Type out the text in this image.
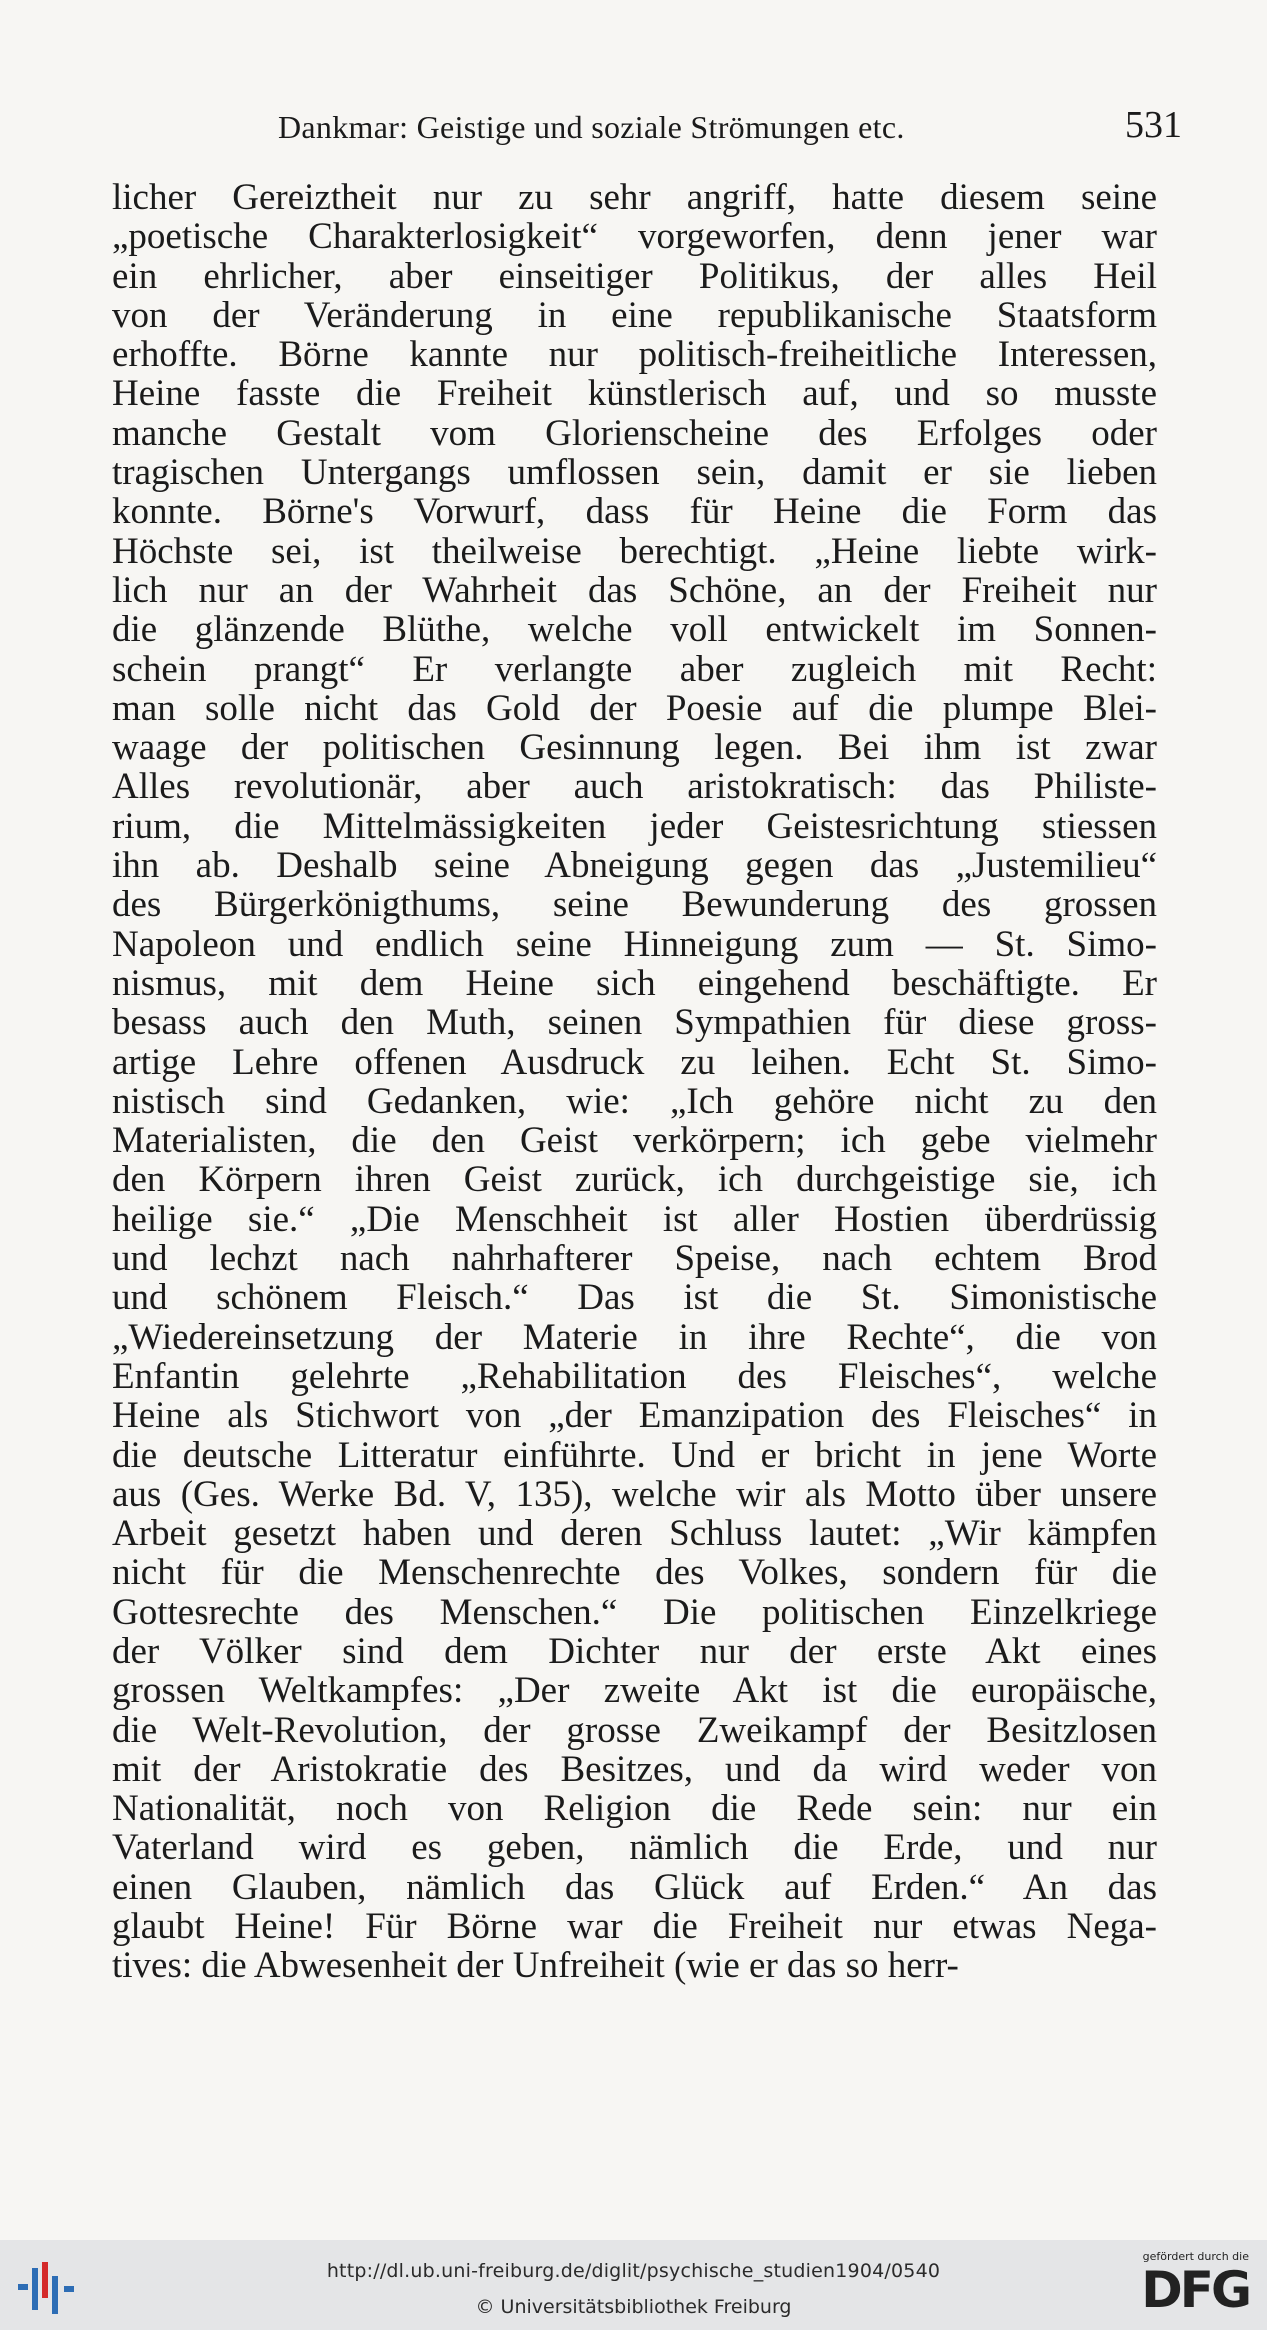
Dankmar: Geistige und soziale Strömungen etc.	531
licher Gereiztheit nur zu sehr angriff, hatte diesem seine
„poetische Charakterlosigkeit“ vorgeworfen, denn jener war
ein ehrlicher, aber einseitiger Politikus, der alles Heil
von der Veränderung in eine republikanische Staatsform
erhoffte. Börne kannte nur politisch-freiheitliche Interessen,
Heine fasste die Freiheit künstlerisch auf, und so musste
manche Gestalt vom Glorienscheine des Erfolges oder
tragischen Untergangs umflossen sein, damit er sie lieben
konnte. Börne's Vorwurf, dass für Heine die Form das
Höchste sei, ist theilweise berechtigt. „Heine liebte wirk-
lich nur an der Wahrheit das Schöne, an der Freiheit nur
die glänzende Blüthe, welche voll entwickelt im Sonnen-
schein prangt“ Er verlangte aber zugleich mit Recht:
man solle nicht das Gold der Poesie auf die plumpe Blei-
waage der politischen Gesinnung legen. Bei ihm ist zwar
Alles revolutionär, aber auch aristokratisch: das Philiste-
rium, die Mittelmässigkeiten jeder Geistesrichtung stiessen
ihn ab. Deshalb seine Abneigung gegen das „Justemilieu“
des Bürgerkönigthums, seine Bewunderung des grossen
Napoleon und endlich seine Hinneigung zum — St. Simo-
nismus, mit dem Heine sich eingehend beschäftigte. Er
besass auch den Muth, seinen Sympathien für diese gross-
artige Lehre offenen Ausdruck zu leihen. Echt St. Simo-
nistisch sind Gedanken, wie: „Ich gehöre nicht zu den
Materialisten, die den Geist verkörpern; ich gebe vielmehr
den Körpern ihren Geist zurück, ich durchgeistige sie, ich
heilige sie.“ „Die Menschheit ist aller Hostien überdrüssig
und lechzt nach nahrhafterer Speise, nach echtem Brod
und schönem Fleisch.“ Das ist die St. Simonistische
„Wiedereinsetzung der Materie in ihre Rechte“, die von
Enfantin gelehrte „Rehabilitation des Fleisches“, welche
Heine als Stichwort von „der Emanzipation des Fleisches“ in
die deutsche Litteratur einführte. Und er bricht in jene Worte
aus (Ges. Werke Bd. V, 135), welche wir als Motto über unsere
Arbeit gesetzt haben und deren Schluss lautet: „Wir kämpfen
nicht für die Menschenrechte des Volkes, sondern für die
Gottesrechte des Menschen.“ Die politischen Einzelkriege
der Völker sind dem Dichter nur der erste Akt eines
grossen Weltkampfes: „Der zweite Akt ist die europäische,
die Welt-Revolution, der grosse Zweikampf der Besitzlosen
mit der Aristokratie des Besitzes, und da wird weder von
Nationalität, noch von Religion die Rede sein: nur ein
Vaterland wird es geben, nämlich die Erde, und nur
einen Glauben, nämlich das Glück auf Erden.“ An das
glaubt Heine! Für Börne war die Freiheit nur etwas Nega-
tives: die Abwesenheit der Unfreiheit (wie er das so herr-
http://dl.ub.uni-freiburg.de/diglit/psychische_studien1904/0540
© Universitätsbibliothek Freiburg
gefördert durch die
DFG
